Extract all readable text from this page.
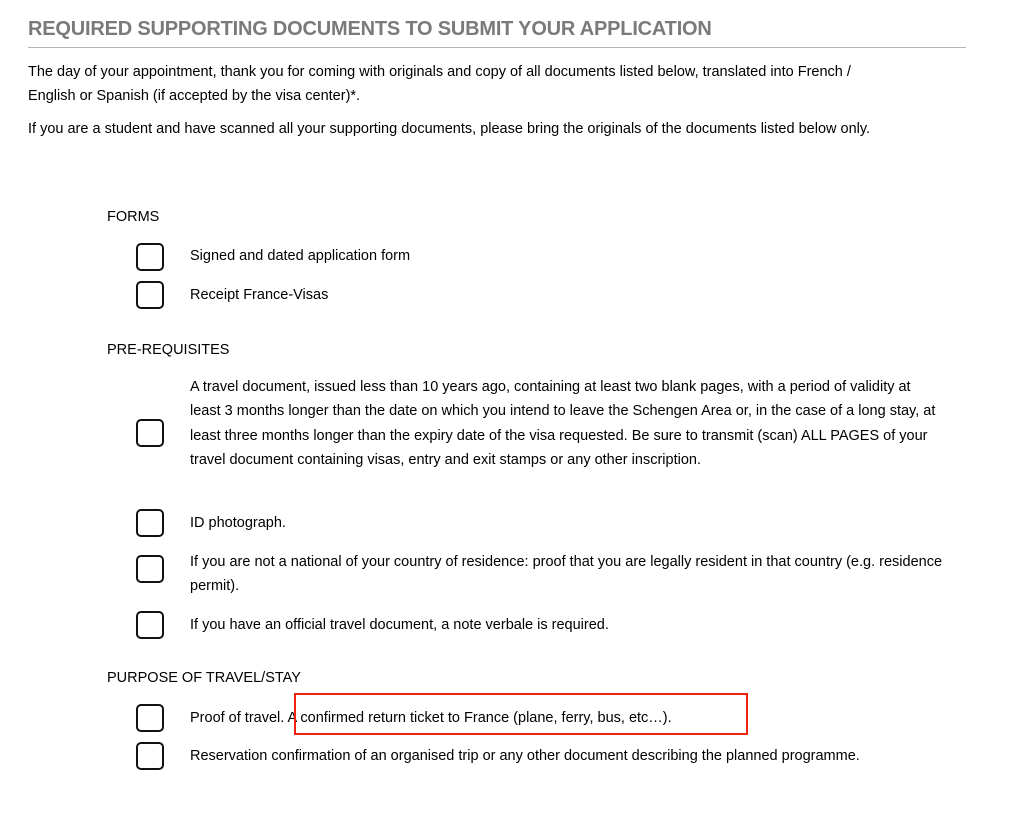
REQUIRED SUPPORTING DOCUMENTS TO SUBMIT YOUR APPLICATION
The day of your appointment, thank you for coming with originals and copy of all documents listed below, translated into French /
English or Spanish (if accepted by the visa center)*.
If you are a student and have scanned all your supporting documents, please bring the originals of the documents listed below only.
FORMS
Signed and dated application form
Receipt France-Visas
PRE-REQUISITES
A travel document, issued less than 10 years ago, containing at least two blank pages, with a period of validity at least 3 months longer than the date on which you intend to leave the Schengen Area or, in the case of a long stay, at least three months longer than the expiry date of the visa requested. Be sure to transmit (scan) ALL PAGES of your travel document containing visas, entry and exit stamps or any other inscription.
ID photograph.
If you are not a national of your country of residence: proof that you are legally resident in that country (e.g. residence permit).
If you have an official travel document, a note verbale is required.
PURPOSE OF TRAVEL/STAY
Proof of travel. A confirmed return ticket to France (plane, ferry, bus, etc…).
Reservation confirmation of an organised trip or any other document describing the planned programme.
